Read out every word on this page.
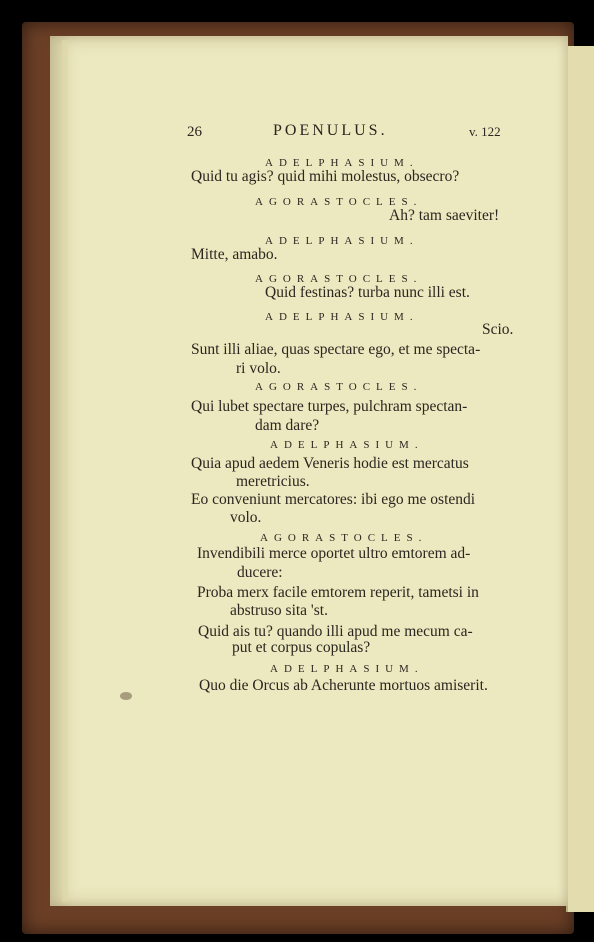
26	POENULUS.	v. 122
ADELPHASIUM.
Quid tu agis? quid mihi molestus, obsecro?
AGORASTOCLES.
Ah? tam saeviter!
ADELPHASIUM.
Mitte, amabo.
AGORASTOCLES.
Quid festinas? turba nunc illi est.
ADELPHASIUM.
Scio.
Sunt illi aliae, quas spectare ego, et me specta-
ri volo.
AGORASTOCLES.
Qui lubet spectare turpes, pulchram spectan-
dam dare?
ADELPHASIUM.
Quia apud aedem Veneris hodie est mercatus
meretricius.
Eo conveniunt mercatores: ibi ego me ostendi
volo.
AGORASTOCLES.
Invendibili merce oportet ultro emtorem ad-
ducere:
Proba merx facile emtorem reperit, tametsi in
abstruso sita 'st.
Quid ais tu? quando illi apud me mecum ca-
put et corpus copulas?
ADELPHASIUM.
Quo die Orcus ab Acherunte mortuos amiserit.
